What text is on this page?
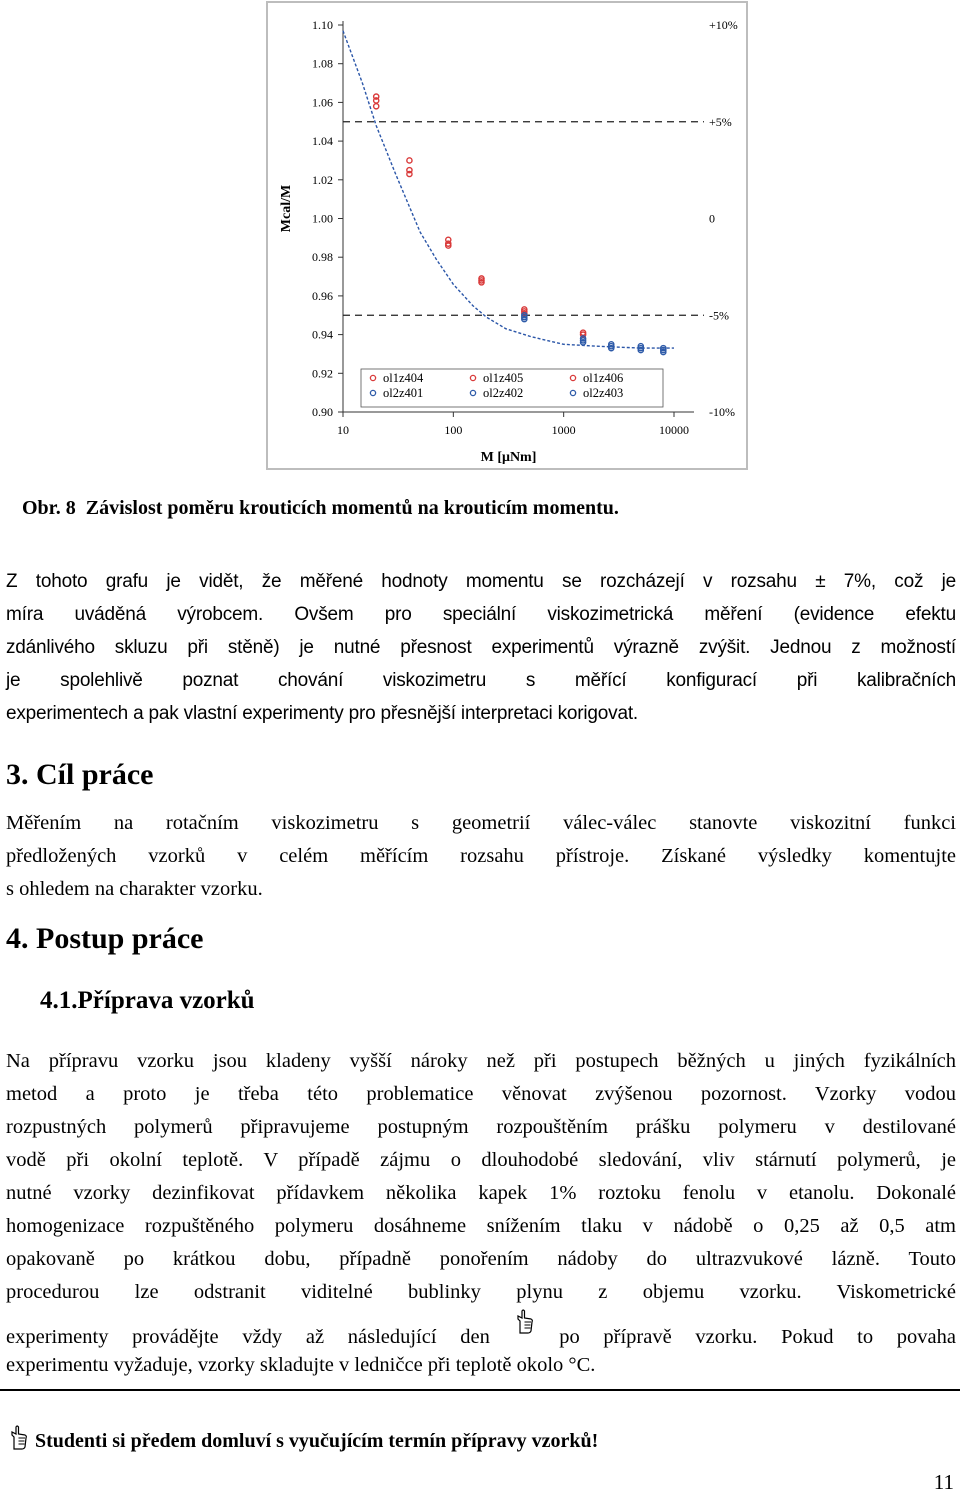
0.90
0.92
0.94
0.96
0.98
1.00
1.02
1.04
1.06
1.08
1.10
10	100	1000	10000
Mcal/M
M [μNm]
+10%
+5%
0
-5%
-10%
ol1z404	ol1z405	ol1z406
ol2z401	ol2z402	ol2z403
Obr. 8 Závislost poměru krouticích momentů na krouticím momentu.
Z tohoto grafu je vidět, že měřené hodnoty momentu se rozcházejí v rozsahu ± 7%, což je
míra uváděná výrobcem. Ovšem pro speciální viskozimetrická měření (evidence efektu
zdánlivého skluzu při stěně) je nutné přesnost experimentů výrazně zvýšit. Jednou z možností
je spolehlivě poznat chování viskozimetru s měřící konfigurací při kalibračních
experimentech a pak vlastní experimenty pro přesnější interpretaci korigovat.
3. Cíl práce
Měřením na rotačním viskozimetru s geometrií válec-válec stanovte viskozitní funkci
předložených vzorků v celém měřícím rozsahu přístroje. Získané výsledky komentujte
s ohledem na charakter vzorku.
4. Postup práce
4.1.Příprava vzorků
Na přípravu vzorku jsou kladeny vyšší nároky než při postupech běžných u jiných fyzikálních
metod a proto je třeba této problematice věnovat zvýšenou pozornost. Vzorky vodou
rozpustných polymerů připravujeme postupným rozpouštěním prášku polymeru v destilované
vodě při okolní teplotě. V případě zájmu o dlouhodobé sledování, vliv stárnutí polymerů, je
nutné vzorky dezinfikovat přídavkem několika kapek 1% roztoku fenolu v etanolu. Dokonalé
homogenizace rozpuštěného polymeru dosáhneme snížením tlaku v nádobě o 0,25 až 0,5 atm
opakovaně po krátkou dobu, případně ponořením nádoby do ultrazvukové lázně. Touto
procedurou lze odstranit viditelné bublinky plynu z objemu vzorku. Viskometrické
experimenty provádějte vždy až následující den	po přípravě vzorku. Pokud to povaha
experimentu vyžaduje, vzorky skladujte v ledničce při teplotě okolo °C.
Studenti si předem domluví s vyučujícím termín přípravy vzorků!
11
